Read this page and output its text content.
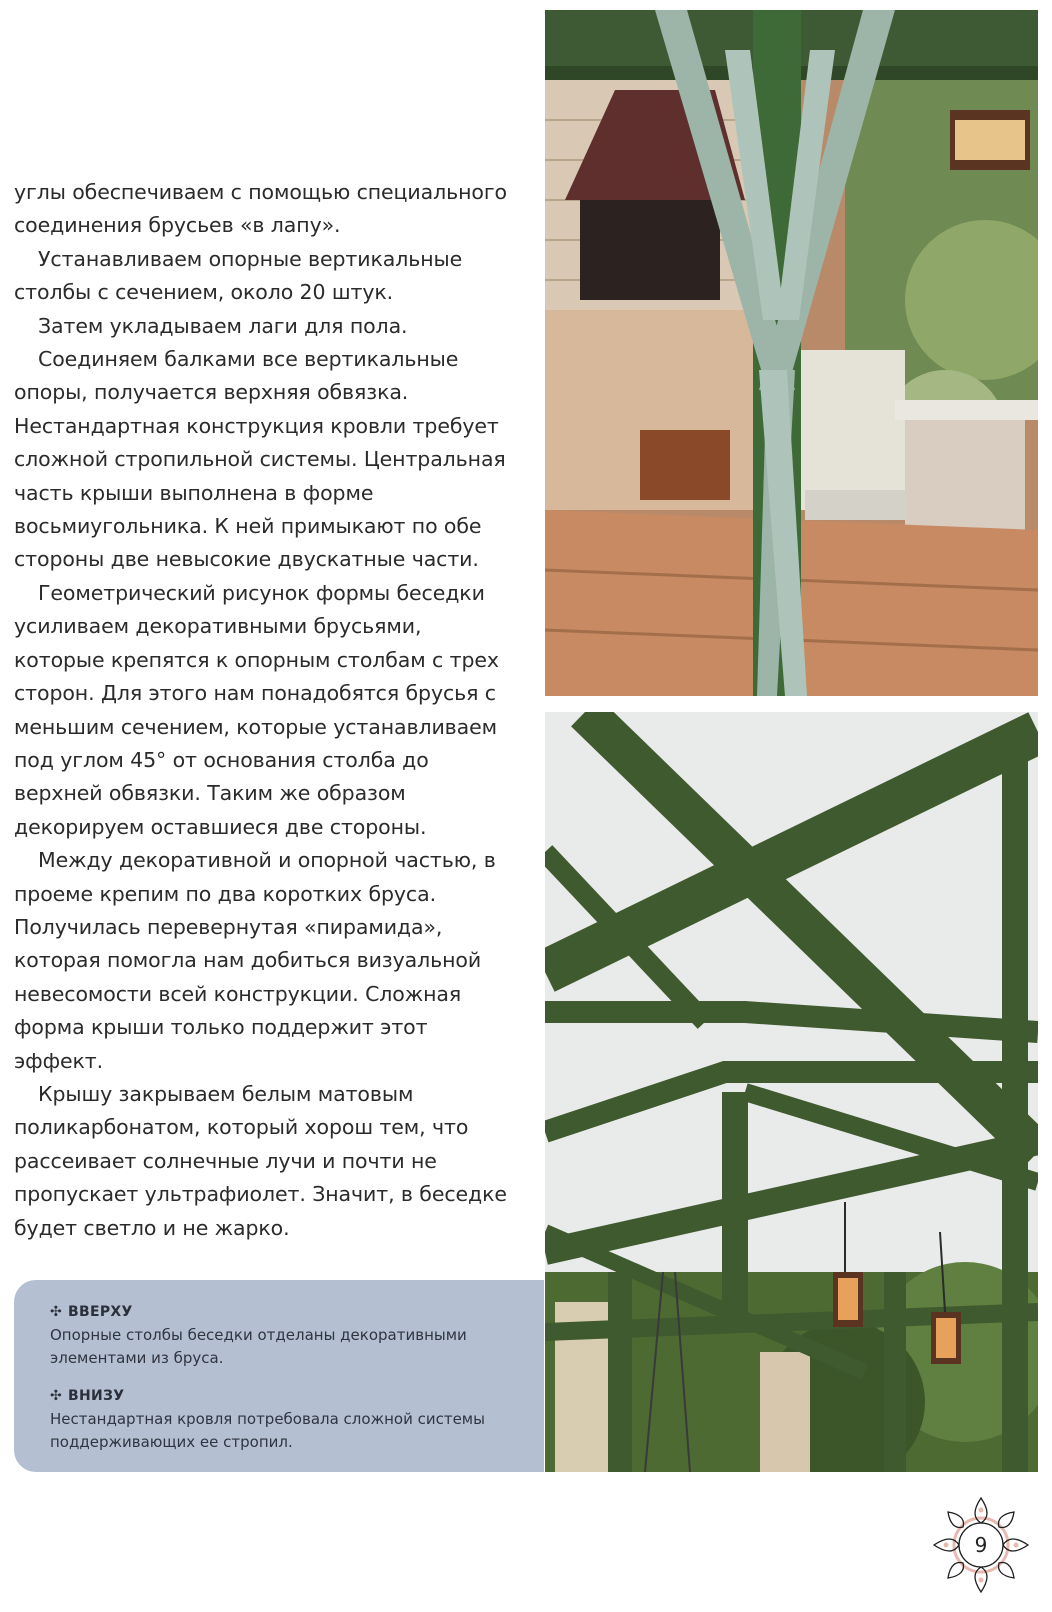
углы обеспечиваем с помощью специального соединения брусьев «в лапу».

Устанавливаем опорные вертикальные столбы с сечением, около 20 штук.

Затем укладываем лаги для пола.

Соединяем балками все вертикальные опоры, получается верхняя обвязка. Нестандартная конструкция кровли требует сложной стропильной системы. Центральная часть крыши выполнена в форме восьмиугольника. К ней примыкают по обе стороны две невысокие двускатные части.

Геометрический рисунок формы беседки усиливаем декоративными брусьями, которые крепятся к опорным столбам с трех сторон. Для этого нам понадобятся брусья с меньшим сечением, которые устанавливаем под углом 45° от основания столба до верхней обвязки. Таким же образом декорируем оставшиеся две стороны.

Между декоративной и опорной частью, в проеме крепим по два коротких бруса. Получилась перевернутая «пирамида», которая помогла нам добиться визуальной невесомости всей конструкции. Сложная форма крыши только поддержит этот эффект.

Крышу закрываем белым матовым поликарбонатом, который хорош тем, что рассеивает солнечные лучи и почти не пропускает ультрафиолет. Значит, в беседке будет светло и не жарко.

✣ ВВЕРХУ
Опорные столбы беседки отделаны декоративными элементами из бруса.
✣ ВНИЗУ
Нестандартная кровля потребовала сложной системы поддерживающих ее стропил.
9
